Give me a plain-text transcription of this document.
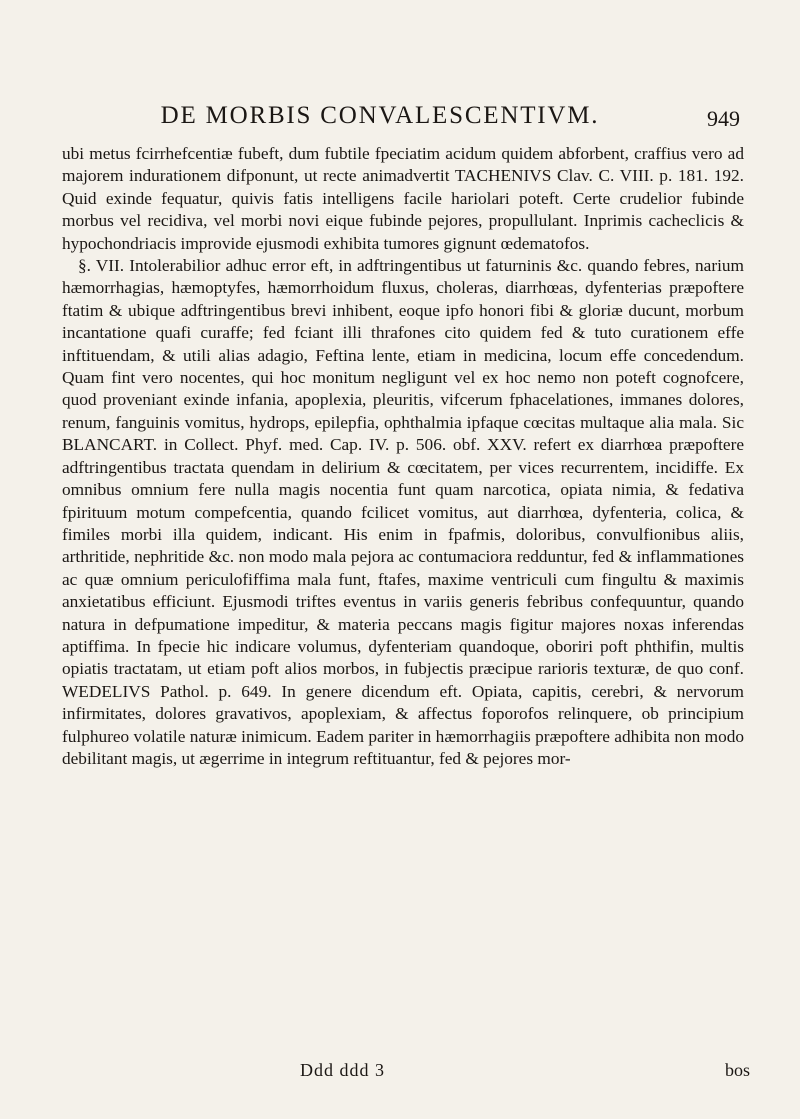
DE MORBIS CONVALESCENTIVM.	949

ubi metus fcirrhefcentiæ fubeft, dum fubtile fpeciatim acidum quidem abforbent, craffius vero ad majorem indurationem difponunt, ut recte animadvertit TACHENIVS Clav. C. VIII. p. 181. 192. Quid exinde fequatur, quivis fatis intelligens facile hariolari poteft. Certe crudelior fubinde morbus vel recidiva, vel morbi novi eique fubinde pejores, propullulant. Inprimis cacheclicis & hypochondriacis improvide ejusmodi exhibita tumores gignunt œdematofos.

§. VII. Intolerabilior adhuc error eft, in adftringentibus ut faturninis &c. quando febres, narium hæmorrhagias, hæmoptyfes, hæmorrhoidum fluxus, choleras, diarrhœas, dyfenterias præpoftere ftatim & ubique adftringentibus brevi inhibent, eoque ipfo honori fibi & gloriæ ducunt, morbum incantatione quafi curaffe; fed fciant illi thrafones cito quidem fed & tuto curationem effe inftituendam, & utili alias adagio, Feftina lente, etiam in medicina, locum effe concedendum. Quam fint vero nocentes, qui hoc monitum negligunt vel ex hoc nemo non poteft cognofcere, quod proveniant exinde infania, apoplexia, pleuritis, vifcerum fphacelationes, immanes dolores, renum, fanguinis vomitus, hydrops, epilepfia, ophthalmia ipfaque cœcitas multaque alia mala. Sic BLANCART. in Collect. Phyf. med. Cap. IV. p. 506. obf. XXV. refert ex diarrhœa præpoftere adftringentibus tractata quendam in delirium & cœcitatem, per vices recurrentem, incidiffe. Ex omnibus omnium fere nulla magis nocentia funt quam narcotica, opiata nimia, & fedativa fpirituum motum compefcentia, quando fcilicet vomitus, aut diarrhœa, dyfenteria, colica, & fimiles morbi illa quidem, indicant. His enim in fpafmis, doloribus, convulfionibus aliis, arthritide, nephritide &c. non modo mala pejora ac contumaciora redduntur, fed & inflammationes ac quæ omnium periculofiffima mala funt, ftafes, maxime ventriculi cum fingultu & maximis anxietatibus efficiunt. Ejusmodi triftes eventus in variis generis febribus confequuntur, quando natura in defpumatione impeditur, & materia peccans magis figitur majores noxas inferendas aptiffima. In fpecie hic indicare volumus, dyfenteriam quandoque, oboriri poft phthifin, multis opiatis tractatam, ut etiam poft alios morbos, in fubjectis præcipue rarioris texturæ, de quo conf. WEDELIVS Pathol. p. 649. In genere dicendum eft. Opiata, capitis, cerebri, & nervorum infirmitates, dolores gravativos, apoplexiam, & affectus foporofos relinquere, ob principium fulphureo volatile naturæ inimicum. Eadem pariter in hæmorrhagiis præpoftere adhibita non modo debilitant magis, ut ægerrime in integrum reftituantur, fed & pejores mor-

Ddd ddd 3	bos
